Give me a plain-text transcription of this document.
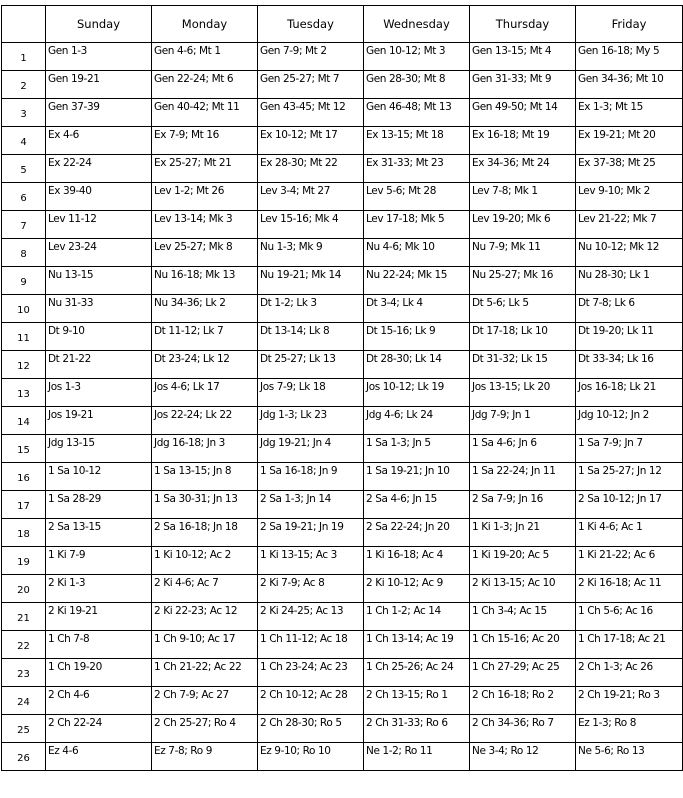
	Sunday	Monday	Tuesday	Wednesday	Thursday	Friday
1	Gen 1-3	Gen 4-6; Mt 1	Gen 7-9; Mt 2	Gen 10-12; Mt 3	Gen 13-15; Mt 4	Gen 16-18; My 5
2	Gen 19-21	Gen 22-24; Mt 6	Gen 25-27; Mt 7	Gen 28-30; Mt 8	Gen 31-33; Mt 9	Gen 34-36; Mt 10
3	Gen 37-39	Gen 40-42; Mt 11	Gen 43-45; Mt 12	Gen 46-48; Mt 13	Gen 49-50; Mt 14	Ex 1-3; Mt 15
4	Ex 4-6	Ex 7-9; Mt 16	Ex 10-12; Mt 17	Ex 13-15; Mt 18	Ex 16-18; Mt 19	Ex 19-21; Mt 20
5	Ex 22-24	Ex 25-27; Mt 21	Ex 28-30; Mt 22	Ex 31-33; Mt 23	Ex 34-36; Mt 24	Ex 37-38; Mt 25
6	Ex 39-40	Lev 1-2; Mt 26	Lev 3-4; Mt 27	Lev 5-6; Mt 28	Lev 7-8; Mk 1	Lev 9-10; Mk 2
7	Lev 11-12	Lev 13-14; Mk 3	Lev 15-16; Mk 4	Lev 17-18; Mk 5	Lev 19-20; Mk 6	Lev 21-22; Mk 7
8	Lev 23-24	Lev 25-27; Mk 8	Nu 1-3; Mk 9	Nu 4-6; Mk 10	Nu 7-9; Mk 11	Nu 10-12; Mk 12
9	Nu 13-15	Nu 16-18; Mk 13	Nu 19-21; Mk 14	Nu 22-24; Mk 15	Nu 25-27; Mk 16	Nu 28-30; Lk 1
10	Nu 31-33	Nu 34-36; Lk 2	Dt 1-2; Lk 3	Dt 3-4; Lk 4	Dt 5-6; Lk 5	Dt 7-8; Lk 6
11	Dt 9-10	Dt 11-12; Lk 7	Dt 13-14; Lk 8	Dt 15-16; Lk 9	Dt 17-18; Lk 10	Dt 19-20; Lk 11
12	Dt 21-22	Dt 23-24; Lk 12	Dt 25-27; Lk 13	Dt 28-30; Lk 14	Dt 31-32; Lk 15	Dt 33-34; Lk 16
13	Jos 1-3	Jos 4-6; Lk 17	Jos 7-9; Lk 18	Jos 10-12; Lk 19	Jos 13-15; Lk 20	Jos 16-18; Lk 21
14	Jos 19-21	Jos 22-24; Lk 22	Jdg 1-3; Lk 23	Jdg 4-6; Lk 24	Jdg 7-9; Jn 1	Jdg 10-12; Jn 2
15	Jdg 13-15	Jdg 16-18; Jn 3	Jdg 19-21; Jn 4	1 Sa 1-3; Jn 5	1 Sa 4-6; Jn 6	1 Sa 7-9; Jn 7
16	1 Sa 10-12	1 Sa 13-15; Jn 8	1 Sa 16-18; Jn 9	1 Sa 19-21; Jn 10	1 Sa 22-24; Jn 11	1 Sa 25-27; Jn 12
17	1 Sa 28-29	1 Sa 30-31; Jn 13	2 Sa 1-3; Jn 14	2 Sa 4-6; Jn 15	2 Sa 7-9; Jn 16	2 Sa 10-12; Jn 17
18	2 Sa 13-15	2 Sa 16-18; Jn 18	2 Sa 19-21; Jn 19	2 Sa 22-24; Jn 20	1 Ki 1-3; Jn 21	1 Ki 4-6; Ac 1
19	1 Ki 7-9	1 Ki 10-12; Ac 2	1 Ki 13-15; Ac 3	1 Ki 16-18; Ac 4	1 Ki 19-20; Ac 5	1 Ki 21-22; Ac 6
20	2 Ki 1-3	2 Ki 4-6; Ac 7	2 Ki 7-9; Ac 8	2 Ki 10-12; Ac 9	2 Ki 13-15; Ac 10	2 Ki 16-18; Ac 11
21	2 Ki 19-21	2 Ki 22-23; Ac 12	2 Ki 24-25; Ac 13	1 Ch 1-2; Ac 14	1 Ch 3-4; Ac 15	1 Ch 5-6; Ac 16
22	1 Ch 7-8	1 Ch 9-10; Ac 17	1 Ch 11-12; Ac 18	1 Ch 13-14; Ac 19	1 Ch 15-16; Ac 20	1 Ch 17-18; Ac 21
23	1 Ch 19-20	1 Ch 21-22; Ac 22	1 Ch 23-24; Ac 23	1 Ch 25-26; Ac 24	1 Ch 27-29; Ac 25	2 Ch 1-3; Ac 26
24	2 Ch 4-6	2 Ch 7-9; Ac 27	2 Ch 10-12; Ac 28	2 Ch 13-15; Ro 1	2 Ch 16-18; Ro 2	2 Ch 19-21; Ro 3
25	2 Ch 22-24	2 Ch 25-27; Ro 4	2 Ch 28-30; Ro 5	2 Ch 31-33; Ro 6	2 Ch 34-36; Ro 7	Ez 1-3; Ro 8
26	Ez 4-6	Ez 7-8; Ro 9	Ez 9-10; Ro 10	Ne 1-2; Ro 11	Ne 3-4; Ro 12	Ne 5-6; Ro 13
